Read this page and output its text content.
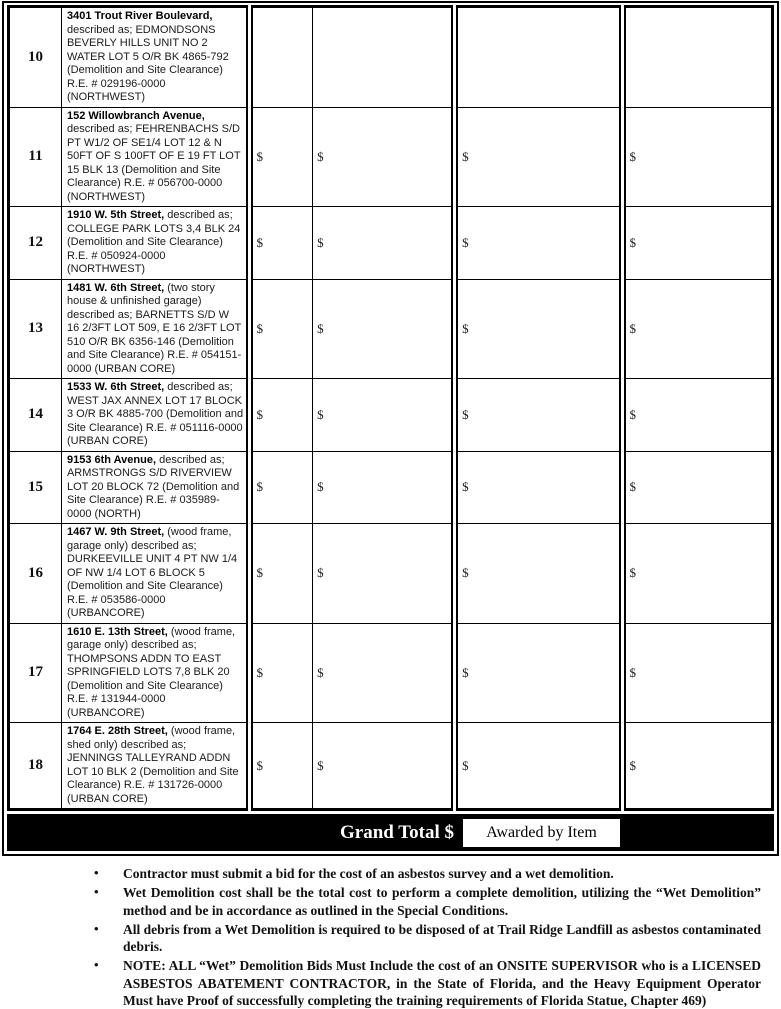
10	3401 Trout River Boulevard, described as; EDMONDSONS BEVERLY HILLS UNIT NO 2 WATER LOT 5 O/R BK 4865-792 (Demolition and Site Clearance) R.E. # 029196-0000 (NORTHWEST)				
11	152 Willowbranch Avenue, described as; FEHRENBACHS S/D PT W1/2 OF SE1/4 LOT 12 & N 50FT OF S 100FT OF E 19 FT LOT 15 BLK 13 (Demolition and Site Clearance) R.E. # 056700-0000 (NORTHWEST)	$	$	$	$
12	1910 W. 5th Street, described as; COLLEGE PARK LOTS 3,4 BLK 24 (Demolition and Site Clearance) R.E. # 050924-0000 (NORTHWEST)	$	$	$	$
13	1481 W. 6th Street, (two story house & unfinished garage) described as; BARNETTS S/D W 16 2/3FT LOT 509, E 16 2/3FT LOT 510 O/R BK 6356-146 (Demolition and Site Clearance) R.E. # 054151-0000 (URBAN CORE)	$	$	$	$
14	1533 W. 6th Street, described as; WEST JAX ANNEX LOT 17 BLOCK 3 O/R BK 4885-700 (Demolition and Site Clearance) R.E. # 051116-0000 (URBAN CORE)	$	$	$	$
15	9153 6th Avenue, described as; ARMSTRONGS S/D RIVERVIEW LOT 20 BLOCK 72 (Demolition and Site Clearance) R.E. # 035989-0000 (NORTH)	$	$	$	$
16	1467 W. 9th Street, (wood frame, garage only) described as; DURKEEVILLE UNIT 4 PT NW 1/4 OF NW 1/4 LOT 6 BLOCK 5 (Demolition and Site Clearance) R.E. # 053586-0000 (URBANCORE)	$	$	$	$
17	1610 E. 13th Street, (wood frame, garage only) described as; THOMPSONS ADDN TO EAST SPRINGFIELD LOTS 7,8 BLK 20 (Demolition and Site Clearance) R.E. # 131944-0000 (URBANCORE)	$	$	$	$
18	1764 E. 28th Street, (wood frame, shed only) described as; JENNINGS TALLEYRAND ADDN LOT 10 BLK 2 (Demolition and Site Clearance) R.E. # 131726-0000 (URBAN CORE)	$	$	$	$
Grand Total $	Awarded by Item
•	Contractor must submit a bid for the cost of an asbestos survey and a wet demolition.
•	Wet Demolition cost shall be the total cost to perform a complete demolition, utilizing the “Wet Demolition” method and be in accordance as outlined in the Special Conditions.
•	All debris from a Wet Demolition is required to be disposed of at Trail Ridge Landfill as asbestos contaminated debris.
•	NOTE: ALL “Wet” Demolition Bids Must Include the cost of an ONSITE SUPERVISOR who is a LICENSED ASBESTOS ABATEMENT CONTRACTOR, in the State of Florida, and the Heavy Equipment Operator Must have Proof of successfully completing the training requirements of Florida Statue, Chapter 469)
